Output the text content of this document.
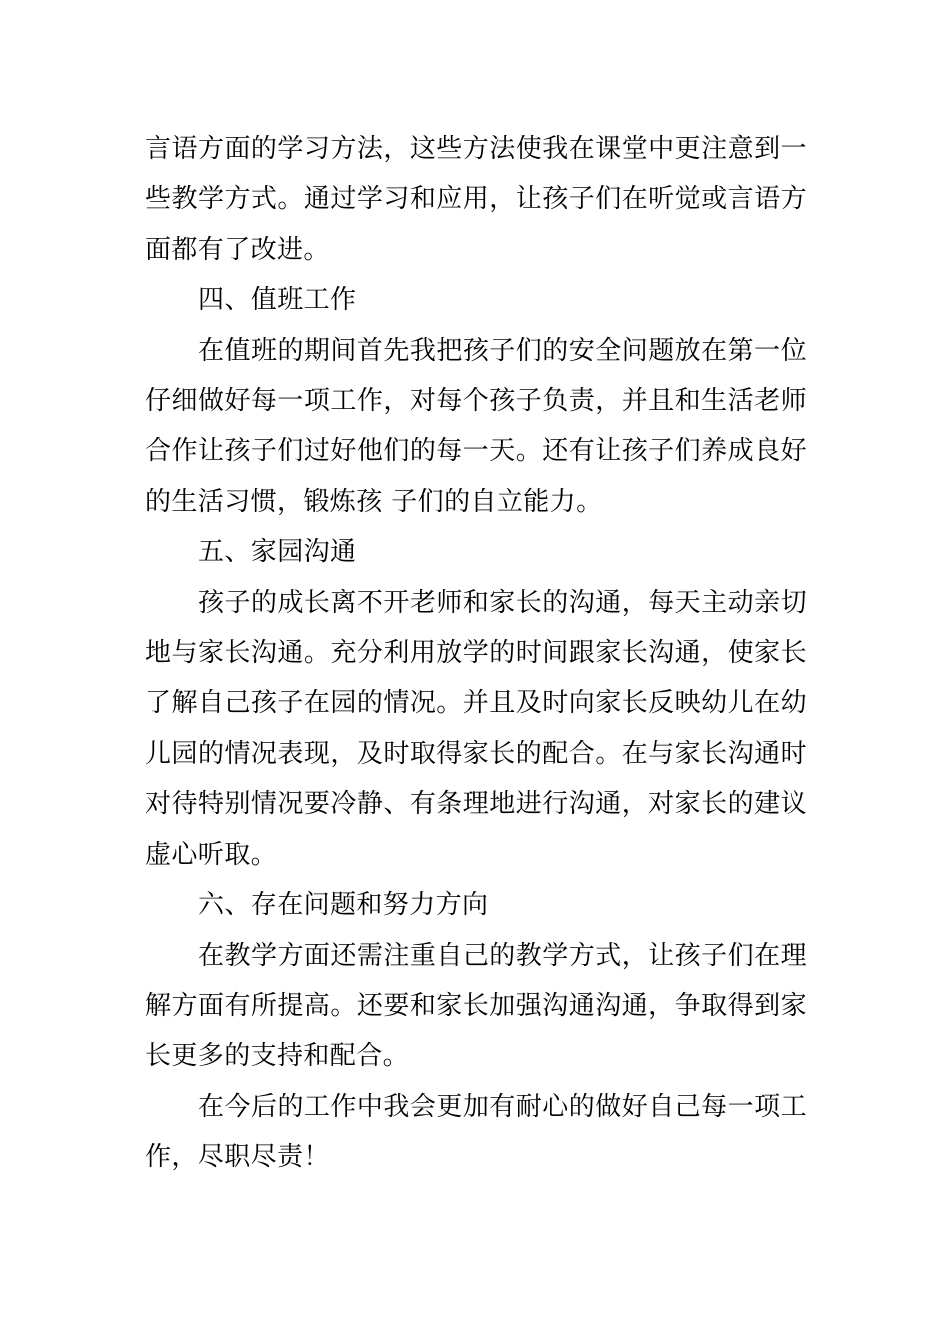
言语方面的学习方法，这些方法使我在课堂中更注意到一些教学方式。通过学习和应用，让孩子们在听觉或言语方面都有了改进。

四、值班工作

在值班的期间首先我把孩子们的安全问题放在第一位仔细做好每一项工作，对每个孩子负责，并且和生活老师合作让孩子们过好他们的每一天。还有让孩子们养成良好的生活习惯，锻炼孩 子们的自立能力。

五、家园沟通

孩子的成长离不开老师和家长的沟通，每天主动亲切地与家长沟通。充分利用放学的时间跟家长沟通，使家长了解自己孩子在园的情况。并且及时向家长反映幼儿在幼儿园的情况表现，及时取得家长的配合。在与家长沟通时对待特别情况要冷静、有条理地进行沟通，对家长的建议虚心听取。

六、存在问题和努力方向

在教学方面还需注重自己的教学方式，让孩子们在理解方面有所提高。还要和家长加强沟通沟通，争取得到家长更多的支持和配合。

在今后的工作中我会更加有耐心的做好自己每一项工作，尽职尽责！
